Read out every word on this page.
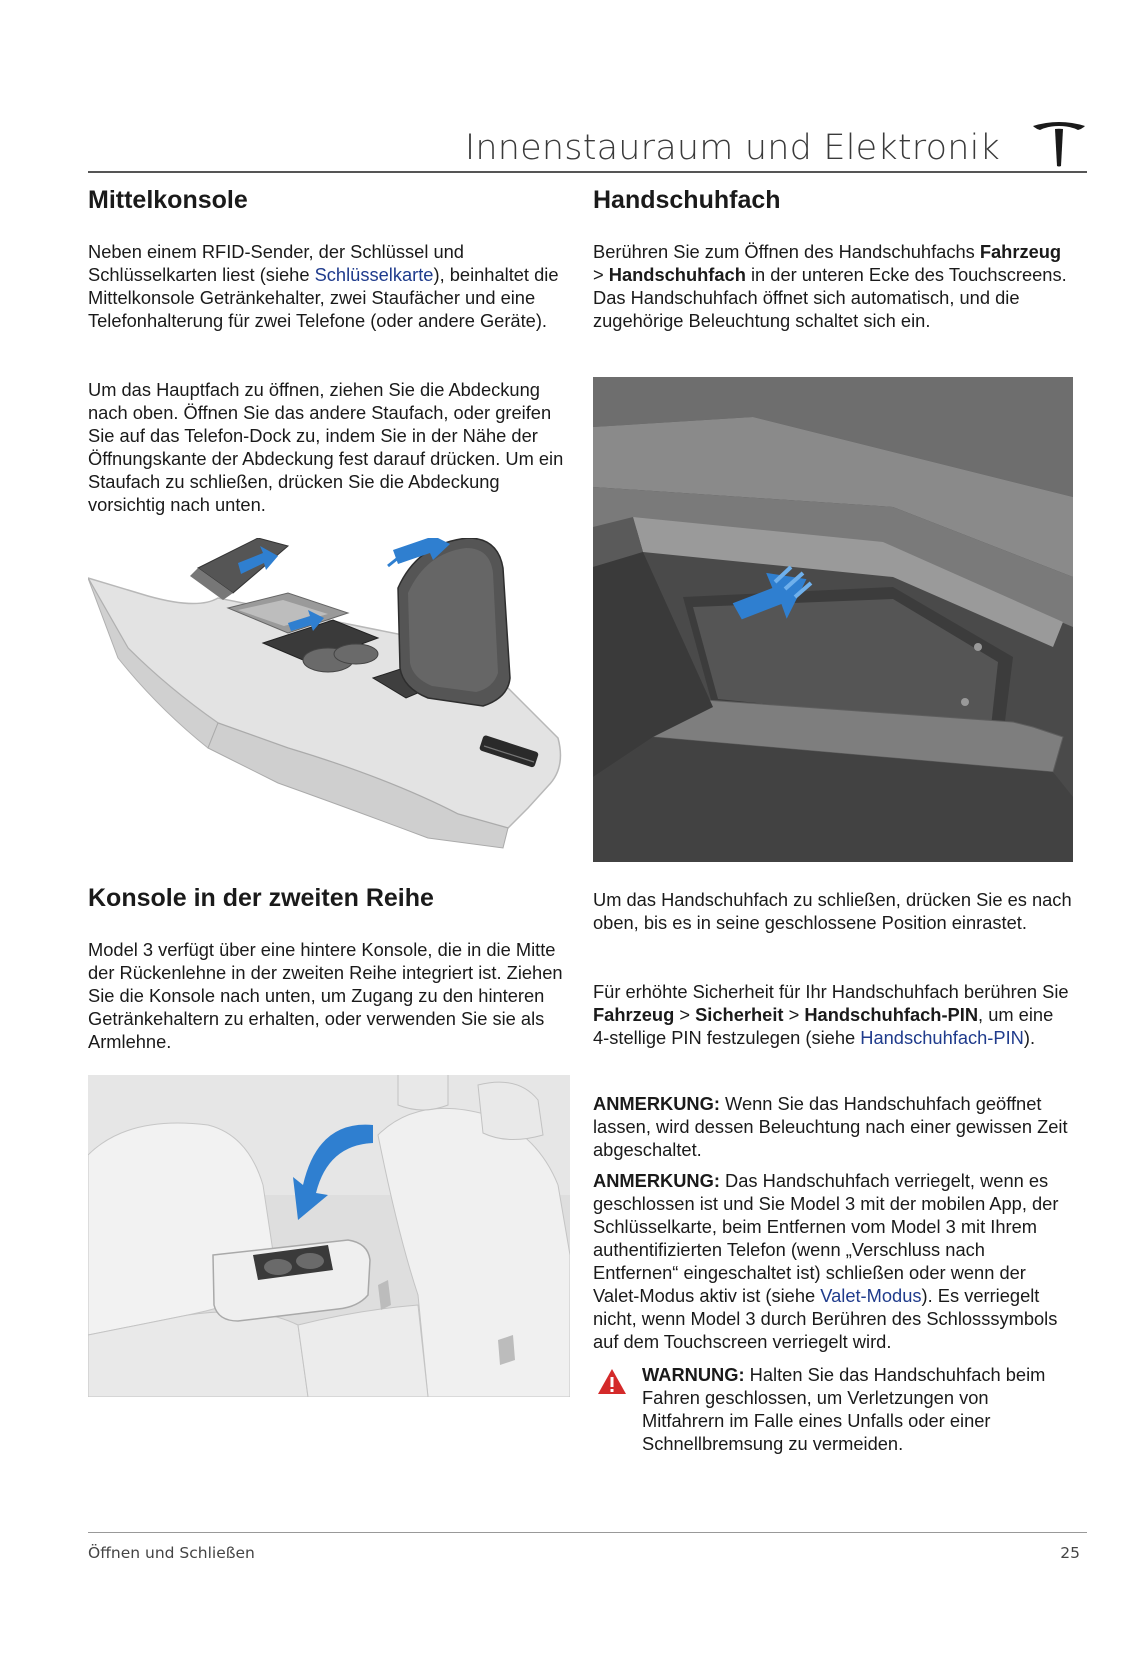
Innenstauraum und Elektronik
Mittelkonsole

Neben einem RFID-Sender, der Schlüssel und Schlüsselkarten liest (siehe Schlüsselkarte), beinhaltet die Mittelkonsole Getränkehalter, zwei Staufächer und eine Telefonhalterung für zwei Telefone (oder andere Geräte).

Um das Hauptfach zu öffnen, ziehen Sie die Abdeckung nach oben. Öffnen Sie das andere Staufach, oder greifen Sie auf das Telefon-Dock zu, indem Sie in der Nähe der Öffnungskante der Abdeckung fest darauf drücken. Um ein Staufach zu schließen, drücken Sie die Abdeckung vorsichtig nach unten.

Konsole in der zweiten Reihe

Model 3 verfügt über eine hintere Konsole, die in die Mitte der Rückenlehne in der zweiten Reihe integriert ist. Ziehen Sie die Konsole nach unten, um Zugang zu den hinteren Getränkehaltern zu erhalten, oder verwenden Sie sie als Armlehne.

Handschuhfach

Berühren Sie zum Öffnen des Handschuhfachs Fahrzeug > Handschuhfach in der unteren Ecke des Touchscreens. Das Handschuhfach öffnet sich automatisch, und die zugehörige Beleuchtung schaltet sich ein.

Um das Handschuhfach zu schließen, drücken Sie es nach oben, bis es in seine geschlossene Position einrastet.

Für erhöhte Sicherheit für Ihr Handschuhfach berühren Sie Fahrzeug > Sicherheit > Handschuhfach-PIN, um eine 4-stellige PIN festzulegen (siehe Handschuhfach-PIN).

ANMERKUNG: Wenn Sie das Handschuhfach geöffnet lassen, wird dessen Beleuchtung nach einer gewissen Zeit abgeschaltet.

ANMERKUNG: Das Handschuhfach verriegelt, wenn es geschlossen ist und Sie Model 3 mit der mobilen App, der Schlüsselkarte, beim Entfernen vom Model 3 mit Ihrem authentifizierten Telefon (wenn „Verschluss nach Entfernen“ eingeschaltet ist) schließen oder wenn der Valet-Modus aktiv ist (siehe Valet-Modus). Es verriegelt nicht, wenn Model 3 durch Berühren des Schlosssymbols auf dem Touchscreen verriegelt wird.

WARNUNG: Halten Sie das Handschuhfach beim Fahren geschlossen, um Verletzungen von Mitfahrern im Falle eines Unfalls oder einer Schnellbremsung zu vermeiden.

Öffnen und Schließen	25
